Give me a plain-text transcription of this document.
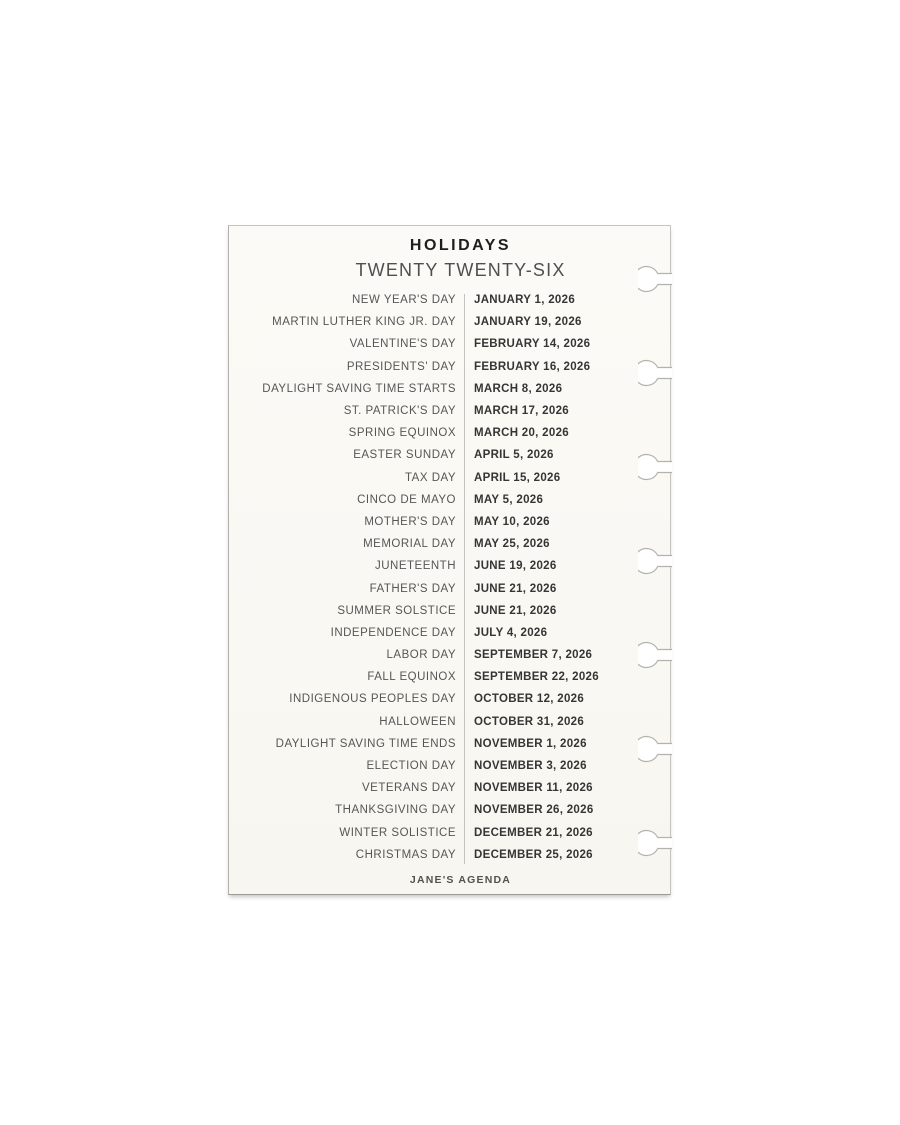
HOLIDAYS
TWENTY TWENTY-SIX
NEW YEAR'S DAY	JANUARY 1, 2026
MARTIN LUTHER KING JR. DAY	JANUARY 19, 2026
VALENTINE'S DAY	FEBRUARY 14, 2026
PRESIDENTS' DAY	FEBRUARY 16, 2026
DAYLIGHT SAVING TIME STARTS	MARCH 8, 2026
ST. PATRICK'S DAY	MARCH 17, 2026
SPRING EQUINOX	MARCH 20, 2026
EASTER SUNDAY	APRIL 5, 2026
TAX DAY	APRIL 15, 2026
CINCO DE MAYO	MAY 5, 2026
MOTHER'S DAY	MAY 10, 2026
MEMORIAL DAY	MAY 25, 2026
JUNETEENTH	JUNE 19, 2026
FATHER'S DAY	JUNE 21, 2026
SUMMER SOLSTICE	JUNE 21, 2026
INDEPENDENCE DAY	JULY 4, 2026
LABOR DAY	SEPTEMBER 7, 2026
FALL EQUINOX	SEPTEMBER 22, 2026
INDIGENOUS PEOPLES DAY	OCTOBER 12, 2026
HALLOWEEN	OCTOBER 31, 2026
DAYLIGHT SAVING TIME ENDS	NOVEMBER 1, 2026
ELECTION DAY	NOVEMBER 3, 2026
VETERANS DAY	NOVEMBER 11, 2026
THANKSGIVING DAY	NOVEMBER 26, 2026
WINTER SOLISTICE	DECEMBER 21, 2026
CHRISTMAS DAY	DECEMBER 25, 2026
JANE'S AGENDA
